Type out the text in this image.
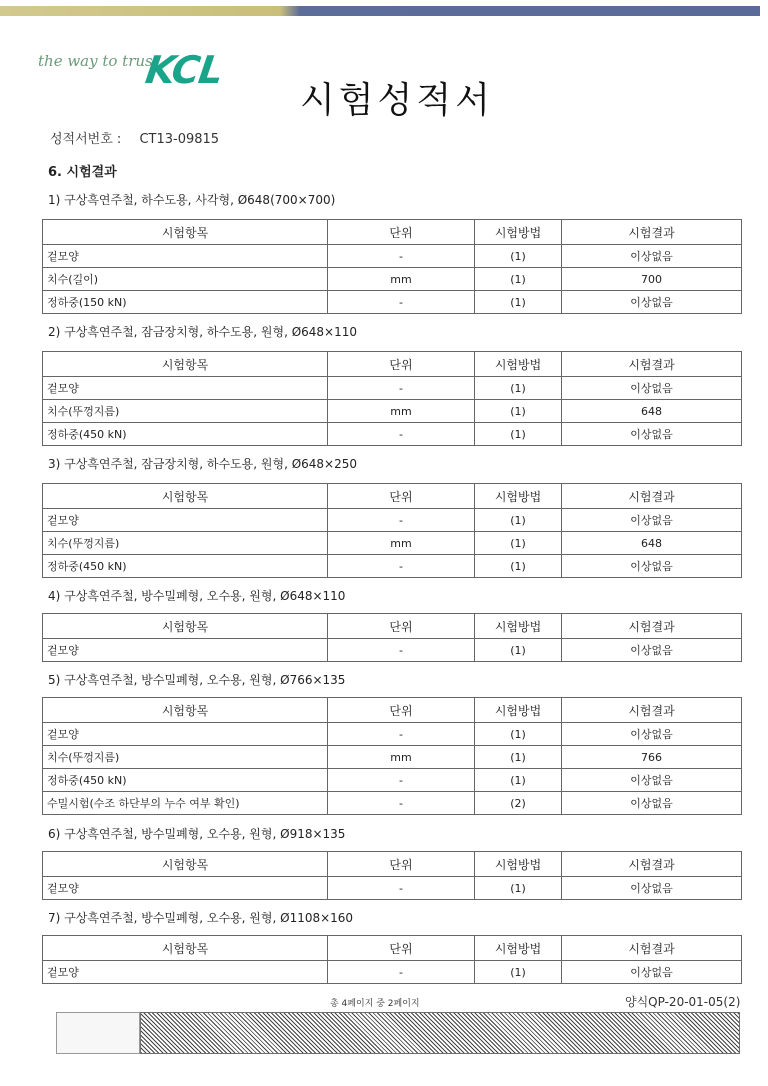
the way to trust
KCL
시험성적서
성적서번호 : CT13-09815
6. 시험결과
1) 구상흑연주철, 하수도용, 사각형, Ø648(700×700)
시험항목	단위	시험방법	시험결과
겉모양	-	(1)	이상없음
치수(길이)	mm	(1)	700
정하중(150 kN)	-	(1)	이상없음
2) 구상흑연주철, 잠금장치형, 하수도용, 원형, Ø648×110
시험항목	단위	시험방법	시험결과
겉모양	-	(1)	이상없음
치수(뚜껑지름)	mm	(1)	648
정하중(450 kN)	-	(1)	이상없음
3) 구상흑연주철, 잠금장치형, 하수도용, 원형, Ø648×250
시험항목	단위	시험방법	시험결과
겉모양	-	(1)	이상없음
치수(뚜껑지름)	mm	(1)	648
정하중(450 kN)	-	(1)	이상없음
4) 구상흑연주철, 방수밀폐형, 오수용, 원형, Ø648×110
시험항목	단위	시험방법	시험결과
겉모양	-	(1)	이상없음
5) 구상흑연주철, 방수밀폐형, 오수용, 원형, Ø766×135
시험항목	단위	시험방법	시험결과
겉모양	-	(1)	이상없음
치수(뚜껑지름)	mm	(1)	766
정하중(450 kN)	-	(1)	이상없음
수밀시험(수조 하단부의 누수 여부 확인)	-	(2)	이상없음
6) 구상흑연주철, 방수밀폐형, 오수용, 원형, Ø918×135
시험항목	단위	시험방법	시험결과
겉모양	-	(1)	이상없음
7) 구상흑연주철, 방수밀폐형, 오수용, 원형, Ø1108×160
시험항목	단위	시험방법	시험결과
겉모양	-	(1)	이상없음
총 4페이지 중 2페이지	양식QP-20-01-05(2)
